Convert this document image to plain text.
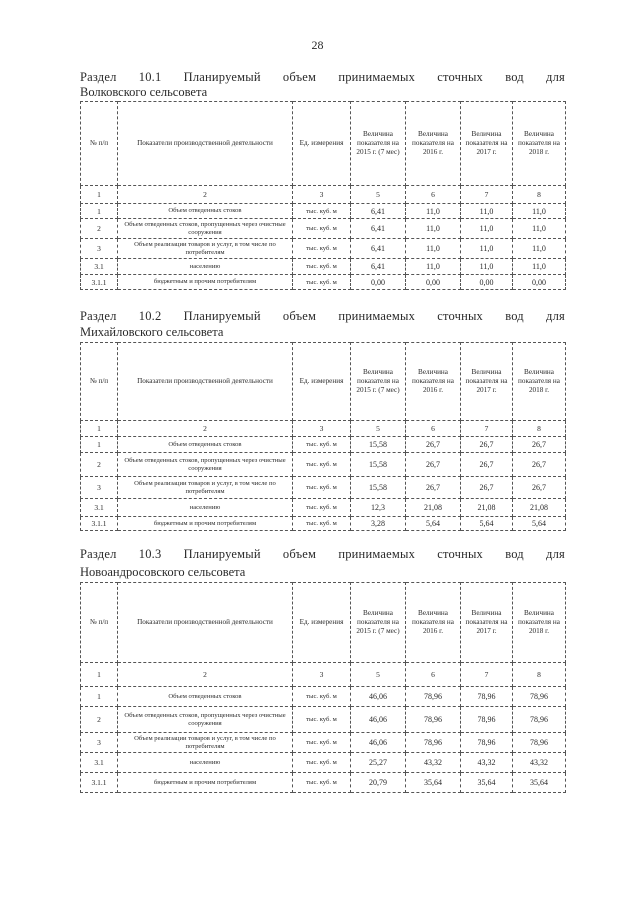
28
Раздел 10.1 Планируемый объем принимаемых сточных вод для
Волковского сельсовета
№ п/п	Показатели производственной деятельности	Ед. измерения	Величина показателя на 2015 г. (7 мес)	Величина показателя на 2016 г.	Величина показателя на 2017 г.	Величина показателя на 2018 г.
1	2	3	5	6	7	8
1	Объем отведенных стоков	тыс. куб. м	6,41	11,0	11,0	11,0
2	Объем отведенных стоков, пропущенных через очистные сооружения	тыс. куб. м	6,41	11,0	11,0	11,0
3	Объем реализации товаров и услуг, в том числе по потребителям	тыс. куб. м	6,41	11,0	11,0	11,0
3.1	населению	тыс. куб. м	6,41	11,0	11,0	11,0
3.1.1	бюджетным и прочим потребителям	тыс. куб. м	0,00	0,00	0,00	0,00
Раздел 10.2 Планируемый объем принимаемых сточных вод для
Михайловского сельсовета
№ п/п	Показатели производственной деятельности	Ед. измерения	Величина показателя на 2015 г. (7 мес)	Величина показателя на 2016 г.	Величина показателя на 2017 г.	Величина показателя на 2018 г.
1	2	3	5	6	7	8
1	Объем отведенных стоков	тыс. куб. м	15,58	26,7	26,7	26,7
2	Объем отведенных стоков, пропущенных через очистные сооружения	тыс. куб. м	15,58	26,7	26,7	26,7
3	Объем реализации товаров и услуг, в том числе по потребителям	тыс. куб. м	15,58	26,7	26,7	26,7
3.1	населению	тыс. куб. м	12,3	21,08	21,08	21,08
3.1.1	бюджетным и прочим потребителям	тыс. куб. м	3,28	5,64	5,64	5,64
Раздел 10.3 Планируемый объем принимаемых сточных вод для
Новоандросовского сельсовета
№ п/п	Показатели производственной деятельности	Ед. измерения	Величина показателя на 2015 г. (7 мес)	Величина показателя на 2016 г.	Величина показателя на 2017 г.	Величина показателя на 2018 г.
1	2	3	5	6	7	8
1	Объем отведенных стоков	тыс. куб. м	46,06	78,96	78,96	78,96
2	Объем отведенных стоков, пропущенных через очистные сооружения	тыс. куб. м	46,06	78,96	78,96	78,96
3	Объем реализации товаров и услуг, в том числе по потребителям	тыс. куб. м	46,06	78,96	78,96	78,96
3.1	населению	тыс. куб. м	25,27	43,32	43,32	43,32
3.1.1	бюджетным и прочим потребителям	тыс. куб. м	20,79	35,64	35,64	35,64
